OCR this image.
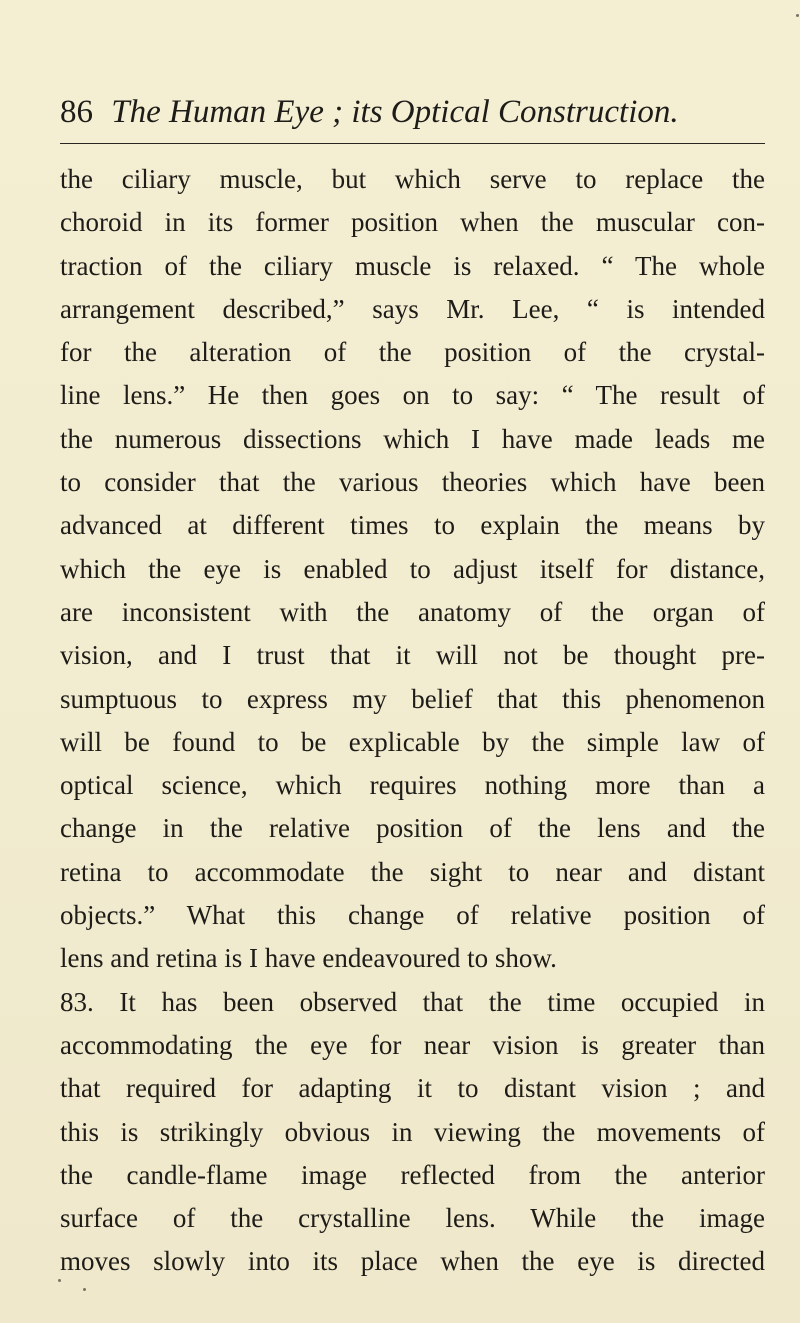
86 The Human Eye ; its Optical Construction.
the ciliary muscle, but which serve to replace the
choroid in its former position when the muscular con-
traction of the ciliary muscle is relaxed. “ The whole
arrangement described,” says Mr. Lee, “ is intended
for the alteration of the position of the crystal-
line lens.” He then goes on to say: “ The result of
the numerous dissections which I have made leads me
to consider that the various theories which have been
advanced at different times to explain the means by
which the eye is enabled to adjust itself for distance,
are inconsistent with the anatomy of the organ of
vision, and I trust that it will not be thought pre-
sumptuous to express my belief that this phenomenon
will be found to be explicable by the simple law of
optical science, which requires nothing more than a
change in the relative position of the lens and the
retina to accommodate the sight to near and distant
objects.” What this change of relative position of
lens and retina is I have endeavoured to show.
83. It has been observed that the time occupied in
accommodating the eye for near vision is greater than
that required for adapting it to distant vision ; and
this is strikingly obvious in viewing the movements of
the candle-flame image reflected from the anterior
surface of the crystalline lens. While the image
moves slowly into its place when the eye is directed
